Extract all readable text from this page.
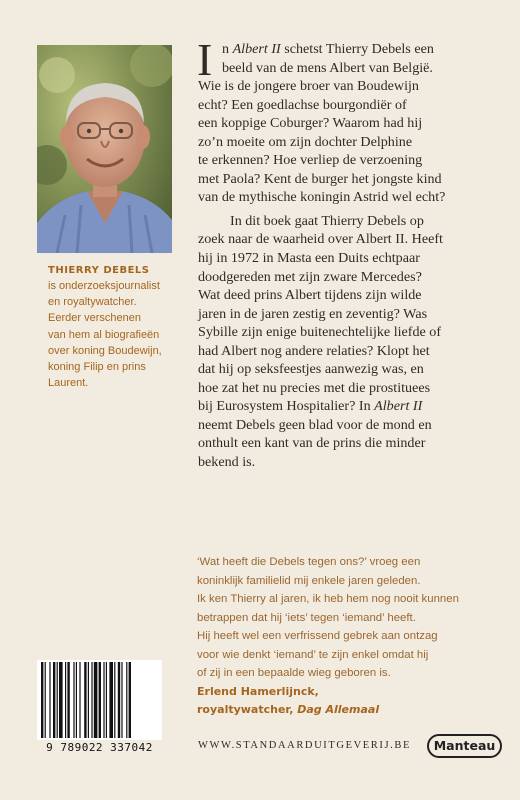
THIERRY DEBELS
is onderzoeksjournalist
en royaltywatcher.
Eerder verschenen
van hem al biografieën
over koning Boudewijn,
koning Filip en prins
Laurent.
I n Albert II schetst Thierry Debels een
beeld van de mens Albert van België.
Wie is de jongere broer van Boudewijn
echt? Een goedlachse bourgondiër of
een koppige Coburger? Waarom had hij
zo’n moeite om zijn dochter Delphine
te erkennen? Hoe verliep de verzoening
met Paola? Kent de burger het jongste kind
van de mythische koningin Astrid wel echt?
In dit boek gaat Thierry Debels op
zoek naar de waarheid over Albert II. Heeft
hij in 1972 in Masta een Duits echtpaar
doodgereden met zijn zware Mercedes?
Wat deed prins Albert tijdens zijn wilde
jaren in de jaren zestig en zeventig? Was
Sybille zijn enige buitenechtelijke liefde of
had Albert nog andere relaties? Klopt het
dat hij op seksfeestjes aanwezig was, en
hoe zat het nu precies met die prostituees
bij Eurosystem Hospitalier? In Albert II
neemt Debels geen blad voor de mond en
onthult een kant van de prins die minder
bekend is.
‘Wat heeft die Debels tegen ons?’ vroeg een
koninklijk familielid mij enkele jaren geleden.
Ik ken Thierry al jaren, ik heb hem nog nooit kunnen
betrappen dat hij ‘iets’ tegen ‘iemand’ heeft.
Hij heeft wel een verfrissend gebrek aan ontzag
voor wie denkt ‘iemand’ te zijn enkel omdat hij
of zij in een bepaalde wieg geboren is.
Erlend Hamerlijnck,
royaltywatcher, Dag Allemaal
9 789022 337042	WWW.STANDAARDUITGEVERIJ.BE	Manteau
